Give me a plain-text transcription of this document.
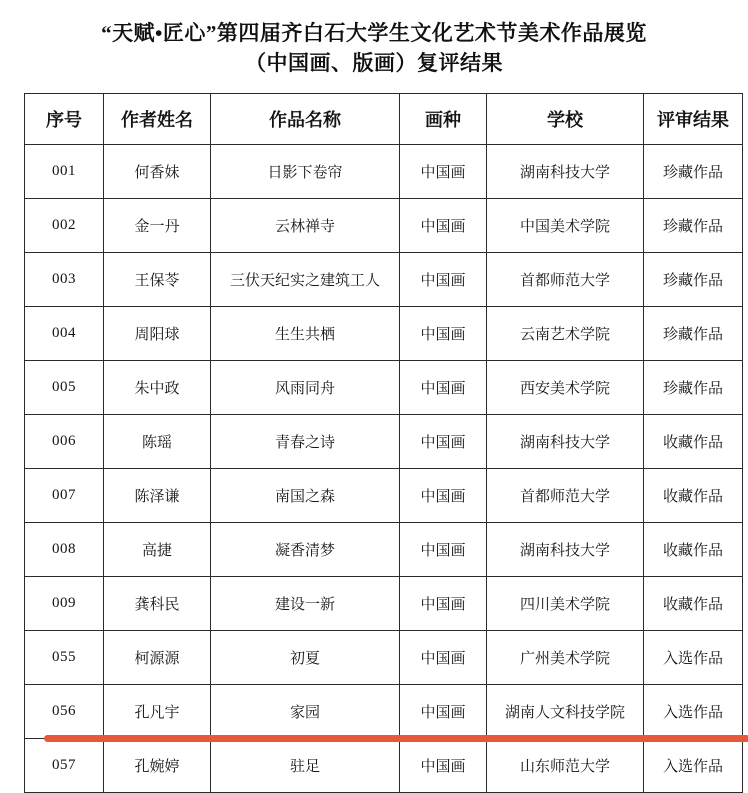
“天赋•匠心”第四届齐白石大学生文化艺术节美术作品展览
（中国画、版画）复评结果
序号	作者姓名	作品名称	画种	学校	评审结果
001	何香妹	日影下卷帘	中国画	湖南科技大学	珍藏作品
002	金一丹	云林禅寺	中国画	中国美术学院	珍藏作品
003	王保苓	三伏天纪实之建筑工人	中国画	首都师范大学	珍藏作品
004	周阳球	生生共栖	中国画	云南艺术学院	珍藏作品
005	朱中政	风雨同舟	中国画	西安美术学院	珍藏作品
006	陈瑶	青春之诗	中国画	湖南科技大学	收藏作品
007	陈泽谦	南国之森	中国画	首都师范大学	收藏作品
008	高捷	凝香清梦	中国画	湖南科技大学	收藏作品
009	龚科民	建设一新	中国画	四川美术学院	收藏作品
055	柯源源	初夏	中国画	广州美术学院	入选作品
056	孔凡宇	家园	中国画	湖南人文科技学院	入选作品
057	孔婉婷	驻足	中国画	山东师范大学	入选作品
